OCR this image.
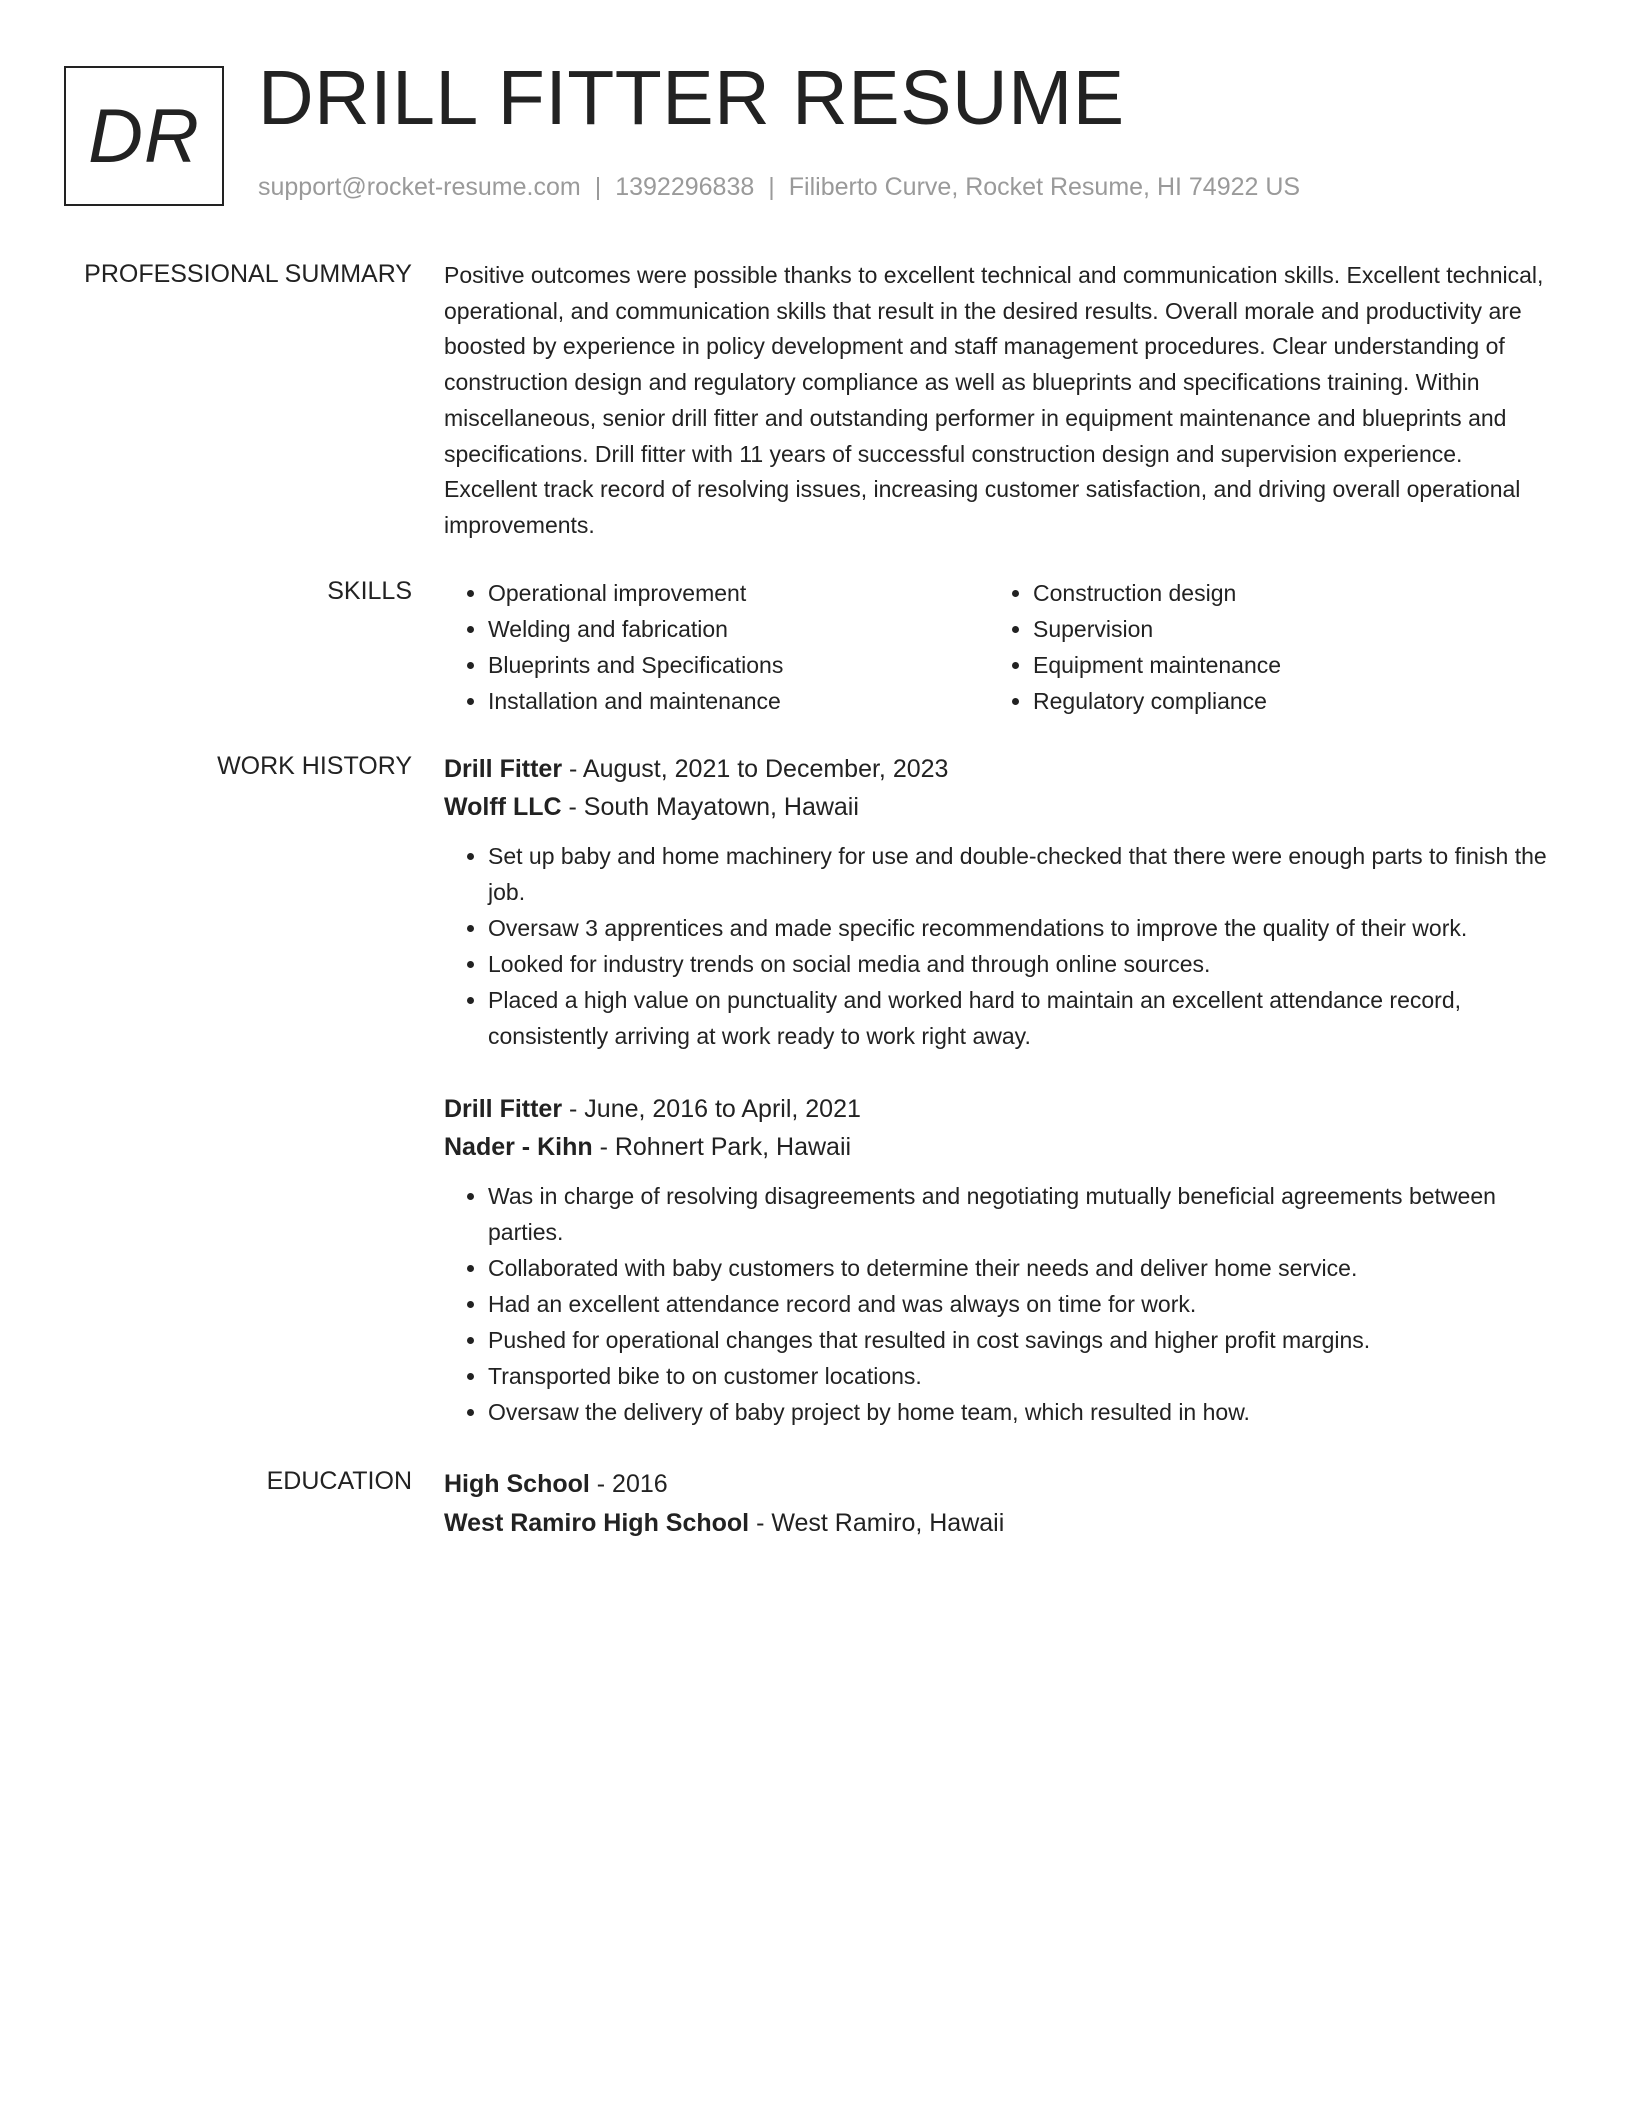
DR DRILL FITTER RESUME
support@rocket-resume.com | 1392296838 | Filiberto Curve, Rocket Resume, HI 74922 US
PROFESSIONAL SUMMARY Positive outcomes were possible thanks to excellent technical and communication skills. Excellent technical, operational, and communication skills that result in the desired results. Overall morale and productivity are boosted by experience in policy development and staff management procedures. Clear understanding of construction design and regulatory compliance as well as blueprints and specifications training. Within miscellaneous, senior drill fitter and outstanding performer in equipment maintenance and blueprints and specifications. Drill fitter with 11 years of successful construction design and supervision experience. Excellent track record of resolving issues, increasing customer satisfaction, and driving overall operational improvements.

SKILLS
•	Operational improvement
• Welding and fabrication
• Blueprints and Specifications
• Installation and maintenance
• Construction design
• Supervision
• Equipment maintenance
• Regulatory compliance
WORK HISTORY Drill Fitter - August, 2021 to December, 2023
Wolff LLC - South Mayatown, Hawaii
• Set up baby and home machinery for use and double-checked that there were enough parts to finish the job.
• Oversaw 3 apprentices and made specific recommendations to improve the quality of their work.
• Looked for industry trends on social media and through online sources.
• Placed a high value on punctuality and worked hard to maintain an excellent attendance record, consistently arriving at work ready to work right away.
Drill Fitter - June, 2016 to April, 2021
Nader - Kihn - Rohnert Park, Hawaii
• Was in charge of resolving disagreements and negotiating mutually beneficial agreements between parties.
• Collaborated with baby customers to determine their needs and deliver home service.
• Had an excellent attendance record and was always on time for work.
• Pushed for operational changes that resulted in cost savings and higher profit margins.
• Transported bike to on customer locations.
• Oversaw the delivery of baby project by home team, which resulted in how.
EDUCATION High School - 2016
West Ramiro High School - West Ramiro, Hawaii
